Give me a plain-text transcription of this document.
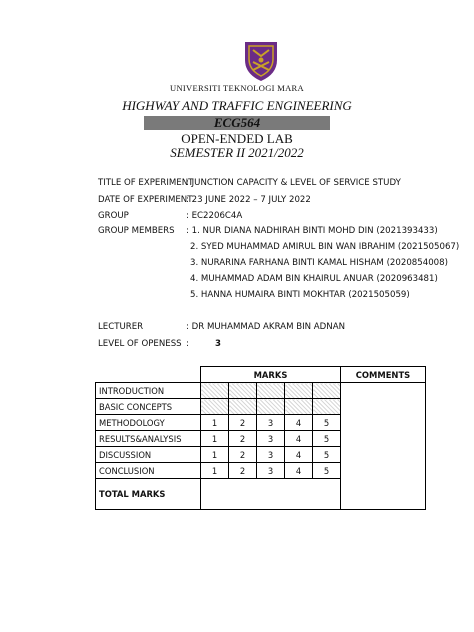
UNIVERSITI TEKNOLOGI MARA
HIGHWAY AND TRAFFIC ENGINEERING
ECG564
OPEN-ENDED LAB
SEMESTER II 2021/2022
TITLE OF EXPERIMENT
: JUNCTION CAPACITY & LEVEL OF SERVICE STUDY
DATE OF EXPERIMENT
: 23 JUNE 2022 – 7 JULY 2022
GROUP	: EC2206C4A
GROUP MEMBERS : 1. NUR DIANA NADHIRAH BINTI MOHD DIN (2021393433)
2. SYED MUHAMMAD AMIRUL BIN WAN IBRAHIM (2021505067)
3. NURARINA FARHANA BINTI KAMAL HISHAM (2020854008)
4. MUHAMMAD ADAM BIN KHAIRUL ANUAR (2020963481)
5. HANNA HUMAIRA BINTI MOKHTAR (2021505059)
LECTURER	: DR MUHAMMAD AKRAM BIN ADNAN
LEVEL OF OPENESS :	3
	MARKS					COMMENTS
INTRODUCTION						
BASIC CONCEPTS						
METHODOLOGY	1	2	3	4	5	
RESULTS&ANALYSIS	1	2	3	4	5	
DISCUSSION	1	2	3	4	5	
CONCLUSION	1	2	3	4	5	
TOTAL MARKS						
